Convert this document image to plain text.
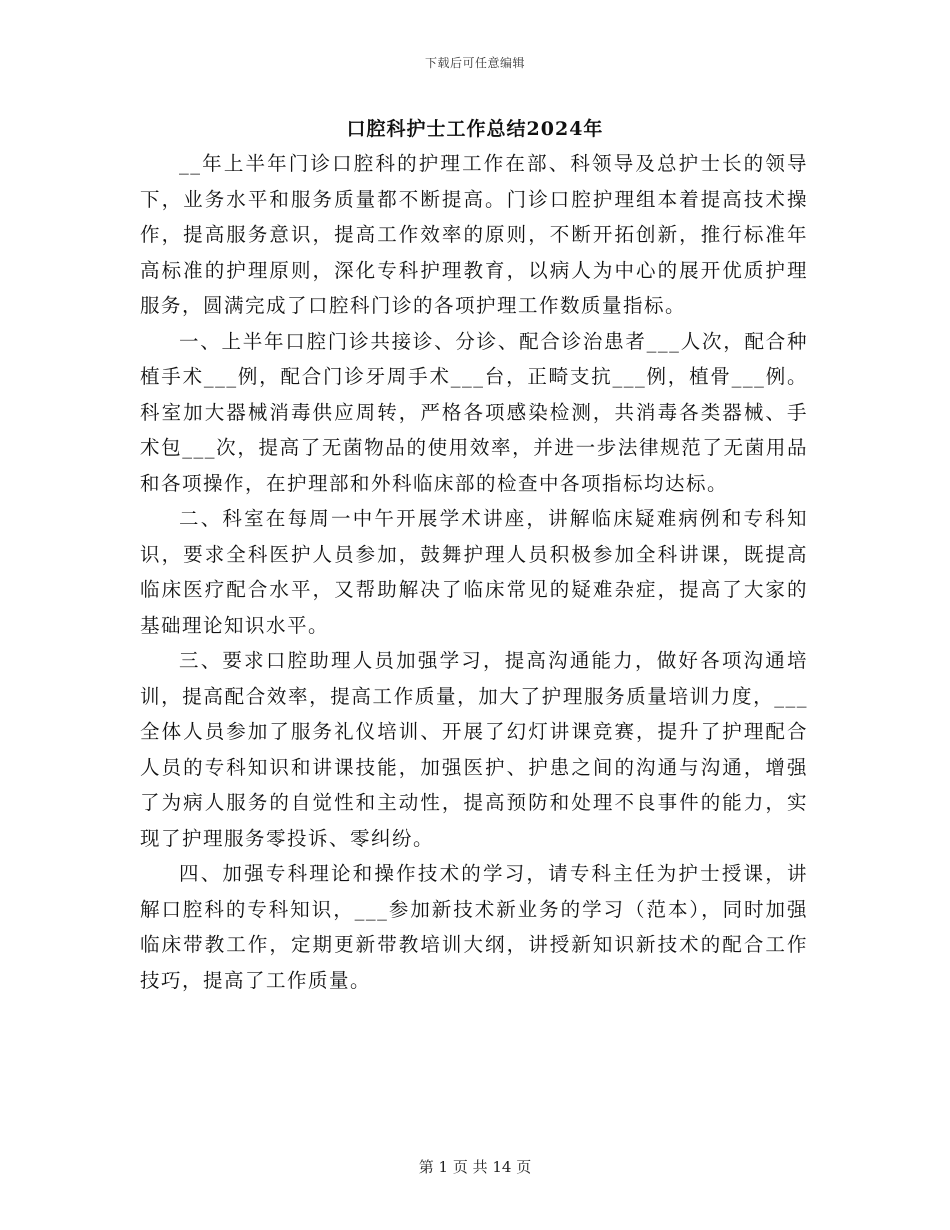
下载后可任意编辑
口腔科护士工作总结2024年

__年上半年门诊口腔科的护理工作在部、科领导及总护士长的领导下，业务水平和服务质量都不断提高。门诊口腔护理组本着提高技术操作，提高服务意识，提高工作效率的原则，不断开拓创新，推行标准年高标准的护理原则，深化专科护理教育，以病人为中心的展开优质护理服务，圆满完成了口腔科门诊的各项护理工作数质量指标。

一、上半年口腔门诊共接诊、分诊、配合诊治患者___人次，配合种植手术___例，配合门诊牙周手术___台，正畸支抗___例，植骨___例。科室加大器械消毒供应周转，严格各项感染检测，共消毒各类器械、手术包___次，提高了无菌物品的使用效率，并进一步法律规范了无菌用品和各项操作，在护理部和外科临床部的检查中各项指标均达标。

二、科室在每周一中午开展学术讲座，讲解临床疑难病例和专科知识，要求全科医护人员参加，鼓舞护理人员积极参加全科讲课，既提高临床医疗配合水平，又帮助解决了临床常见的疑难杂症，提高了大家的基础理论知识水平。

三、要求口腔助理人员加强学习，提高沟通能力，做好各项沟通培训，提高配合效率，提高工作质量，加大了护理服务质量培训力度，___全体人员参加了服务礼仪培训、开展了幻灯讲课竞赛，提升了护理配合人员的专科知识和讲课技能，加强医护、护患之间的沟通与沟通，增强了为病人服务的自觉性和主动性，提高预防和处理不良事件的能力，实现了护理服务零投诉、零纠纷。

四、加强专科理论和操作技术的学习，请专科主任为护士授课，讲解口腔科的专科知识，___参加新技术新业务的学习（范本），同时加强临床带教工作，定期更新带教培训大纲，讲授新知识新技术的配合工作技巧，提高了工作质量。

第 1 页 共 14 页
